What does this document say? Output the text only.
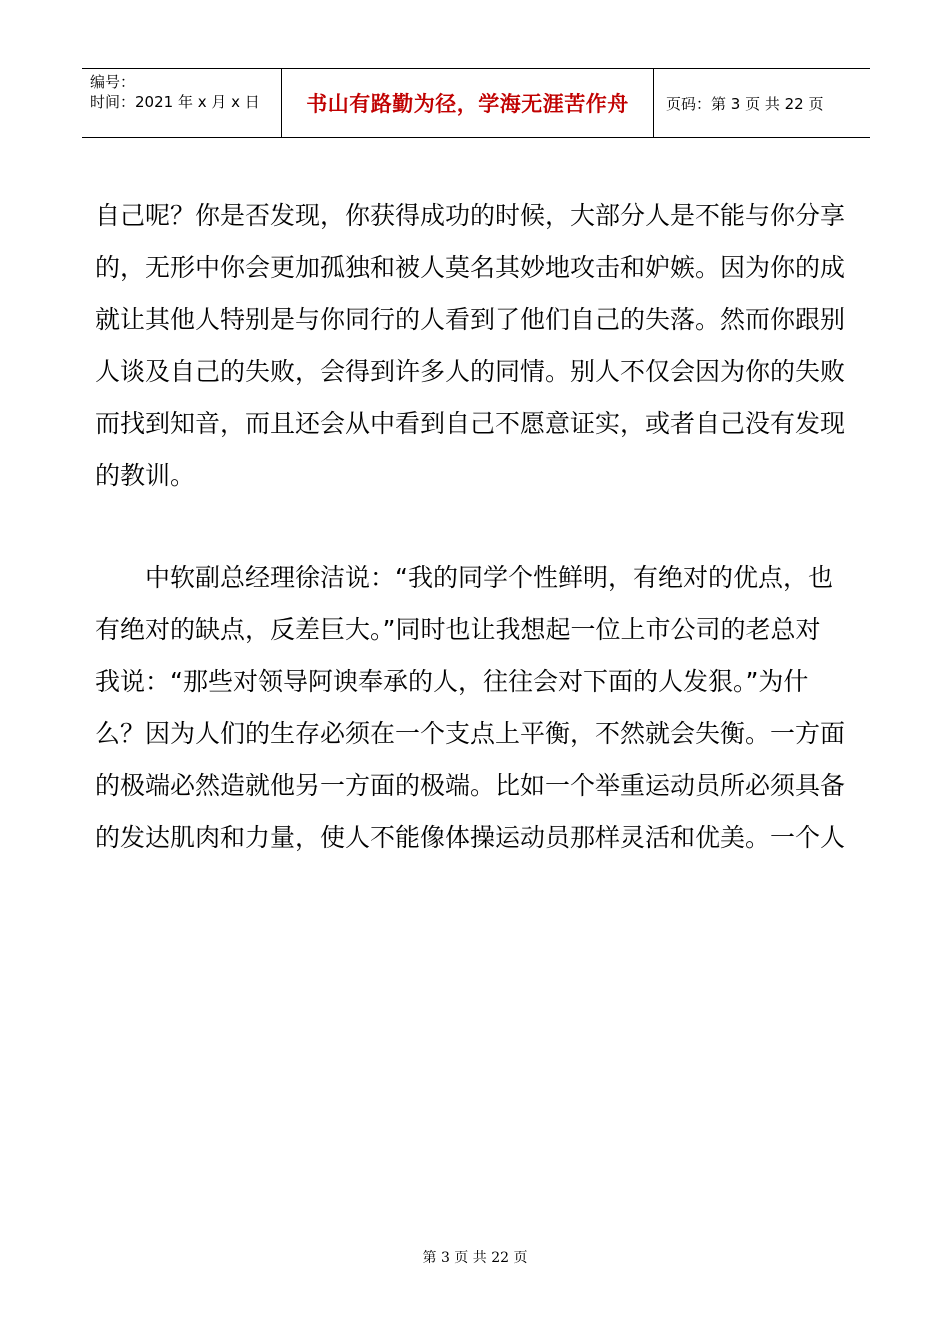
编号：
时间：2021 年 x 月 x 日 书山有路勤为径，学海无涯苦作舟 页码：第 3 页 共 22 页
自己呢？你是否发现，你获得成功的时候，大部分人是不能与你分享
的，无形中你会更加孤独和被人莫名其妙地攻击和妒嫉。因为你的成
就让其他人特别是与你同行的人看到了他们自己的失落。然而你跟别
人谈及自己的失败，会得到许多人的同情。别人不仅会因为你的失败
而找到知音，而且还会从中看到自己不愿意证实，或者自己没有发现
的教训。
　　中软副总经理徐洁说：“我的同学个性鲜明，有绝对的优点，也
有绝对的缺点，反差巨大。”同时也让我想起一位上市公司的老总对
我说：“那些对领导阿谀奉承的人，往往会对下面的人发狠。”为什
么？因为人们的生存必须在一个支点上平衡，不然就会失衡。一方面
的极端必然造就他另一方面的极端。比如一个举重运动员所必须具备
的发达肌肉和力量，使人不能像体操运动员那样灵活和优美。一个人
第 3 页 共 22 页
